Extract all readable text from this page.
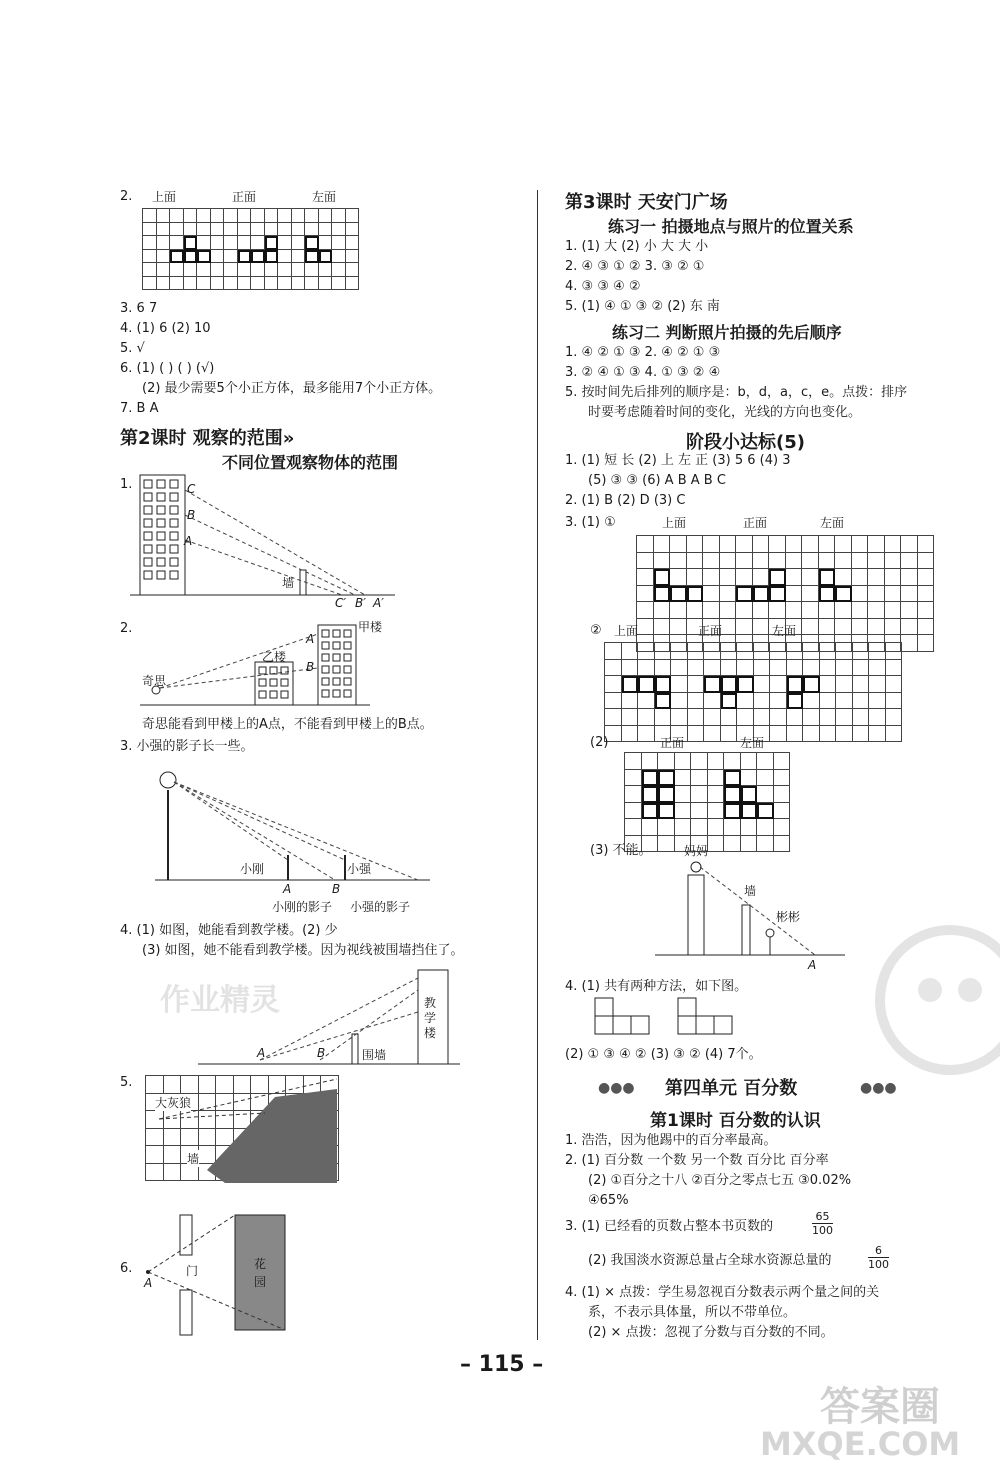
2. 上面	正面	左面
3. 6 7
4. (1) 6 (2) 10
5. √
6. (1) ( ) ( ) (√)
(2) 最少需要5个小正方体，最多能用7个小正方体。
7. B A
第2课时 观察的范围»
不同位置观察物体的范围
1.	C
B
A
墙
C′ B′ A′
2.	甲楼
乙楼
奇思
A
B
奇思能看到甲楼上的A点，不能看到甲楼上的B点。
3. 小强的影子长一些。
小刚	小强
A	B
小刚的影子 小强的影子
4. (1) 如图，她能看到教学楼。(2) 少
(3) 如图，她不能看到教学楼。因为视线被围墙挡住了。
教学楼
围墙
A	B
5.
大灰狼
墙
6.	门	花园
A
第3课时 天安门广场
练习一 拍摄地点与照片的位置关系
1. (1) 大 (2) 小 大 大 小
2. ④ ③ ① ② 3. ③ ② ①
4. ③ ③ ④ ②
5. (1) ④ ① ③ ② (2) 东 南
练习二 判断照片拍摄的先后顺序
1. ④ ② ① ③ 2. ④ ② ① ③
3. ② ④ ① ③ 4. ① ③ ② ④
5. 按时间先后排列的顺序是：b，d，a，c，e。点拨：排序
时要考虑随着时间的变化，光线的方向也变化。
阶段小达标(5)
1. (1) 短 长 (2) 上 左 正 (3) 5 6 (4) 3
(5) ③ ③ (6) A B A B C
2. (1) B (2) D (3) C
3. (1) ①	上面	正面	左面
② 上面	正面	左面
(2)	正面	左面
(3) 不能。	妈妈
墙
彬彬
A
4. (1) 共有两种方法，如下图。
(2) ① ③ ④ ② (3) ③ ② (4) 7个。
●●● 第四单元 百分数	●●●
第1课时 百分数的认识
1. 浩浩，因为他踢中的百分率最高。
2. (1) 百分数 一个数 另一个数 百分比 百分率
(2) ①百分之十八 ②百分之零点七五 ③0.02%
④65%
3. (1) 已经看的页数占整本书页数的	$\frac{65}{100}$
(2) 我国淡水资源总量占全球水资源总量的	$\frac{6}{100}$
4. (1) × 点拨：学生易忽视百分数表示两个量之间的关
系，不表示具体量，所以不带单位。
(2) × 点拨：忽视了分数与百分数的不同。
– 115 –
作业精灵
答案圈
MXQE.COM
